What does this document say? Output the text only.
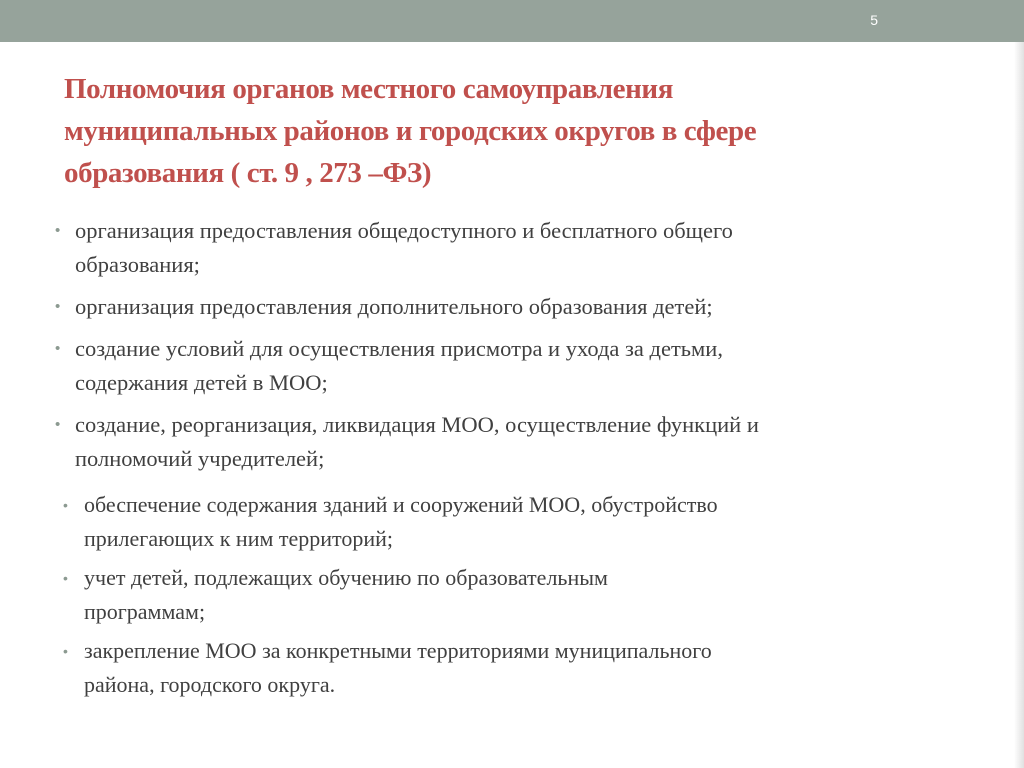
5
Полномочия органов местного самоуправления
муниципальных районов и городских округов в сфере
образования ( ст. 9 , 273 –ФЗ)
• организация предоставления общедоступного и бесплатного общего
образования;
• организация предоставления дополнительного образования детей;
• создание условий для осуществления присмотра и ухода за детьми,
содержания детей в МОО;
• создание, реорганизация, ликвидация МОО, осуществление функций и
полномочий учредителей;
• обеспечение содержания зданий и сооружений МОО, обустройство
прилегающих к ним территорий;
• учет детей, подлежащих обучению по образовательным
программам;
• закрепление МОО за конкретными территориями муниципального
района, городского округа.
